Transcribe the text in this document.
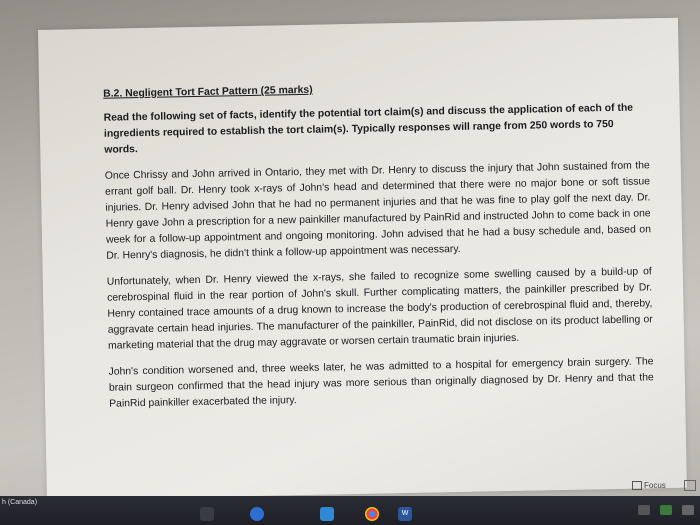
B.2. Negligent Tort Fact Pattern (25 marks)

Read the following set of facts, identify the potential tort claim(s) and discuss the application of each of the ingredients required to establish the tort claim(s). Typically responses will range from 250 words to 750 words.

Once Chrissy and John arrived in Ontario, they met with Dr. Henry to discuss the injury that John sustained from the errant golf ball. Dr. Henry took x-rays of John's head and determined that there were no major bone or soft tissue injuries. Dr. Henry advised John that he had no permanent injuries and that he was fine to play golf the next day. Dr. Henry gave John a prescription for a new painkiller manufactured by PainRid and instructed John to come back in one week for a follow-up appointment and ongoing monitoring. John advised that he had a busy schedule and, based on Dr. Henry's diagnosis, he didn't think a follow-up appointment was necessary.

Unfortunately, when Dr. Henry viewed the x-rays, she failed to recognize some swelling caused by a build-up of cerebrospinal fluid in the rear portion of John's skull. Further complicating matters, the painkiller prescribed by Dr. Henry contained trace amounts of a drug known to increase the body's production of cerebrospinal fluid and, thereby, aggravate certain head injuries. The manufacturer of the painkiller, PainRid, did not disclose on its product labelling or marketing material that the drug may aggravate or worsen certain traumatic brain injuries.

John's condition worsened and, three weeks later, he was admitted to a hospital for emergency brain surgery. The brain surgeon confirmed that the head injury was more serious than originally diagnosed by Dr. Henry and that the PainRid painkiller exacerbated the injury.

Focus
h (Canada)
W
